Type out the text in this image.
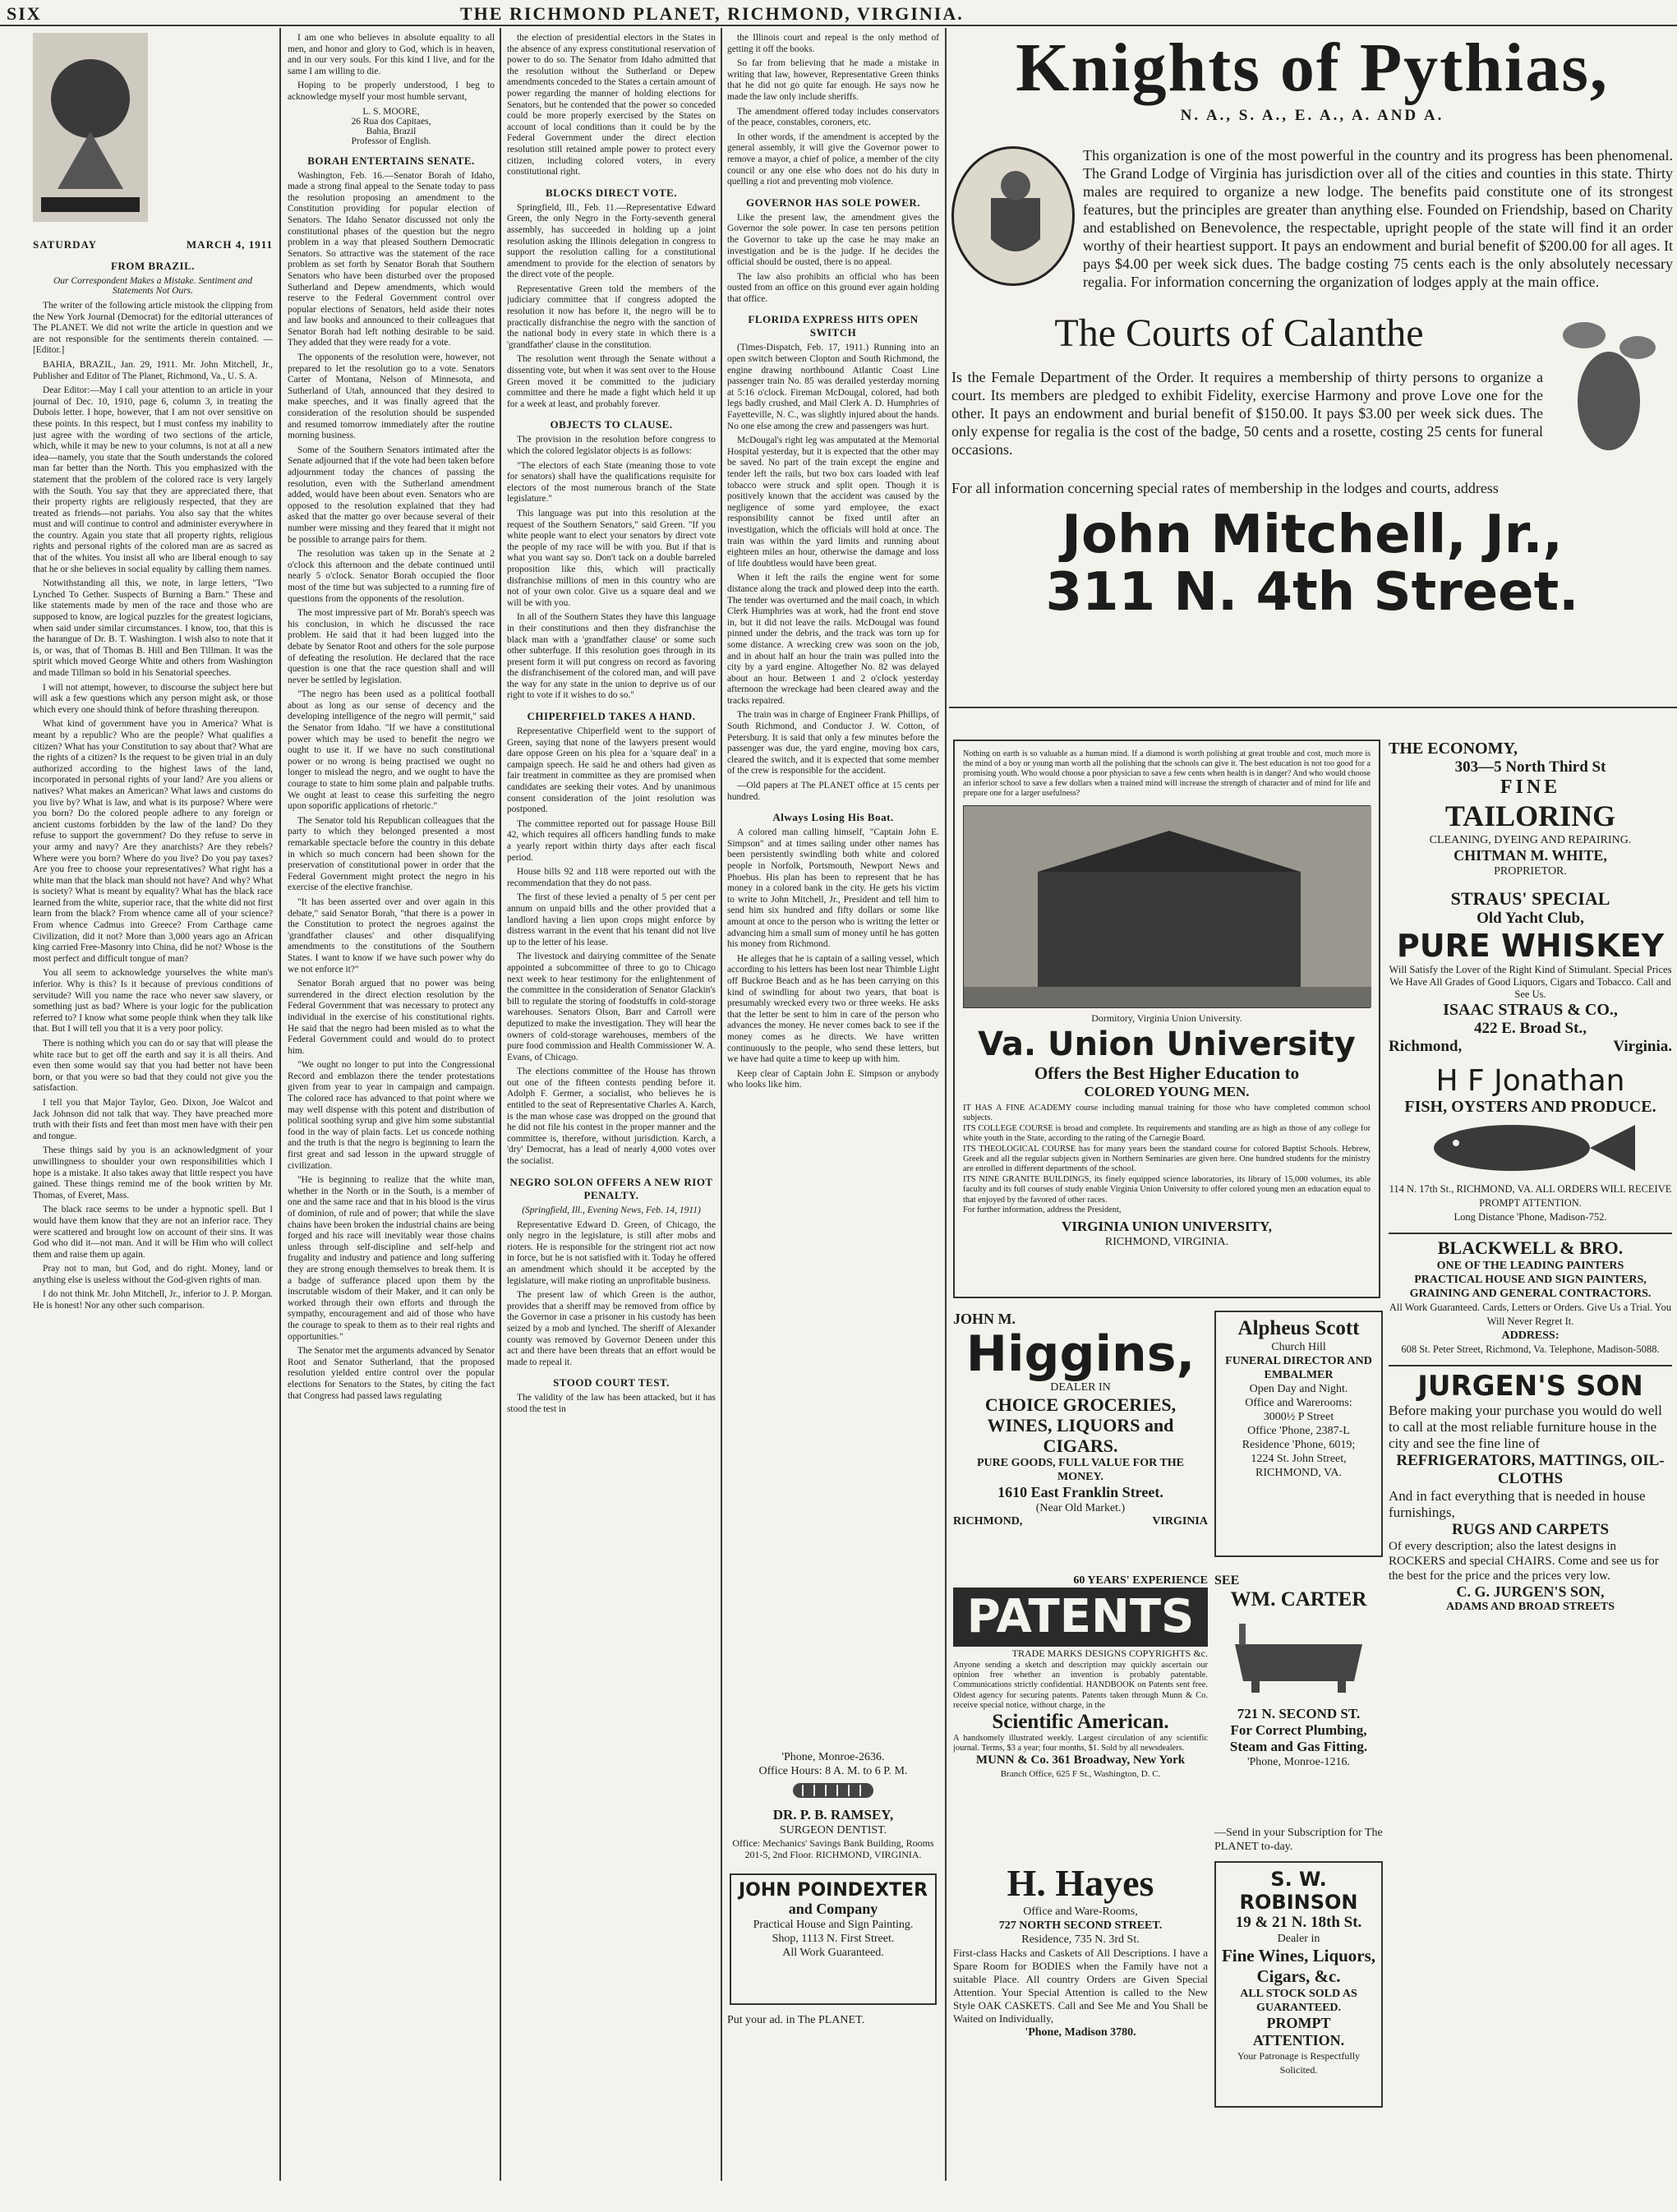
SIX	THE RICHMOND PLANET, RICHMOND, VIRGINIA.
SATURDAY	MARCH 4, 1911
FROM BRAZIL.
Our Correspondent Makes a Mistake. Sentiment and Statements Not Ours.

The writer of the following article mistook the clipping from the New York Journal (Democrat) for the editorial utterances of The PLANET. We did not write the article in question and we are not responsible for the sentiments therein contained. —[Editor.]

BAHIA, BRAZIL, Jan. 29, 1911. Mr. John Mitchell, Jr., Publisher and Editor of The Planet, Richmond, Va., U. S. A.

Dear Editor:—May I call your attention to an article in your journal of Dec. 10, 1910, page 6, column 3, in treating the Dubois letter. I hope, however, that I am not over sensitive on these points. In this respect, but I must confess my inability to just agree with the wording of two sections of the article, which, while it may be new to your columns, is not at all a new idea—namely, you state that the South understands the colored man far better than the North. This you emphasized with the statement that the problem of the colored race is very largely with the South. You say that they are appreciated there, that their property rights are religiously respected, that they are treated as friends—not pariahs. You also say that the whites must and will continue to control and administer everywhere in the country. Again you state that all property rights, religious rights and personal rights of the colored man are as sacred as that of the whites. You insist all who are liberal enough to say that he or she believes in social equality by calling them names.

Notwithstanding all this, we note, in large letters, "Two Lynched To Gether. Suspects of Burning a Barn." These and like statements made by men of the race and those who are supposed to know, are logical puzzles for the greatest logicians, when said under similar circumstances. I know, too, that this is the harangue of Dr. B. T. Washington. I wish also to note that it is, or was, that of Thomas B. Hill and Ben Tillman. It was the spirit which moved George White and others from Washington and made Tillman so bold in his Senatorial speeches.

I will not attempt, however, to discourse the subject here but will ask a few questions which any person might ask, or those which every one should think of before thrashing thereupon.

What kind of government have you in America? What is meant by a republic? Who are the people? What qualifies a citizen? What has your Constitution to say about that? What are the rights of a citizen? Is the request to be given trial in an duly authorized according to the highest laws of the land, incorporated in personal rights of your land? Are you aliens or natives? What makes an American? What laws and customs do you live by? What is law, and what is its purpose? Where were you born? Do the colored people adhere to any foreign or ancient customs forbidden by the law of the land? Do they refuse to support the government? Do they refuse to serve in your army and navy? Are they anarchists? Are they rebels? Where were you born? Where do you live? Do you pay taxes? Are you free to choose your representatives? What right has a white man that the black man should not have? And why? What is society? What is meant by equality? What has the black race learned from the white, superior race, that the white did not first learn from the black? From whence came all of your science? From whence Cadmus into Greece? From Carthage came Civilization, did it not? More than 3,000 years ago an African king carried Free-Masonry into China, did he not? Whose is the most perfect and difficult tongue of man?

You all seem to acknowledge yourselves the white man's inferior. Why is this? Is it because of previous conditions of servitude? Will you name the race who never saw slavery, or something just as bad? Where is your logic for the publication referred to? I know what some people think when they talk like that. But I will tell you that it is a very poor policy.

There is nothing which you can do or say that will please the white race but to get off the earth and say it is all theirs. And even then some would say that you had better not have been born, or that you were so bad that they could not give you the satisfaction.

I tell you that Major Taylor, Geo. Dixon, Joe Walcot and Jack Johnson did not talk that way. They have preached more truth with their fists and feet than most men have with their pen and tongue.

These things said by you is an acknowledgment of your unwillingness to shoulder your own responsibilities which I hope is a mistake. It also takes away that little respect you have gained. These things remind me of the book written by Mr. Thomas, of Everet, Mass.

The black race seems to be under a hypnotic spell. But I would have them know that they are not an inferior race. They were scattered and brought low on account of their sins. It was God who did it—not man. And it will be Him who will collect them and raise them up again.

Pray not to man, but God, and do right. Money, land or anything else is useless without the God-given rights of man.

I do not think Mr. John Mitchell, Jr., inferior to J. P. Morgan. He is honest! Nor any other such comparison.

I am one who believes in absolute equality to all men, and honor and glory to God, which is in heaven, and in our very souls. For this kind I live, and for the same I am willing to die.

Hoping to be properly understood, I beg to acknowledge myself your most humble servant,

L. S. MOORE,
26 Rua dos Capitaes,
Bahia, Brazil
Professor of English.
BORAH ENTERTAINS SENATE.

Washington, Feb. 16.—Senator Borah of Idaho, made a strong final appeal to the Senate today to pass the resolution proposing an amendment to the Constitution providing for popular election of Senators. The Idaho Senator discussed not only the constitutional phases of the question but the negro problem in a way that pleased Southern Democratic Senators. So attractive was the statement of the race problem as set forth by Senator Borah that Southern Senators who have been disturbed over the proposed Sutherland and Depew amendments, which would reserve to the Federal Government control over popular elections of Senators, held aside their notes and law books and announced to their colleagues that Senator Borah had left nothing desirable to be said. They added that they were ready for a vote.

The opponents of the resolution were, however, not prepared to let the resolution go to a vote. Senators Carter of Montana, Nelson of Minnesota, and Sutherland of Utah, announced that they desired to make speeches, and it was finally agreed that the consideration of the resolution should be suspended and resumed tomorrow immediately after the routine morning business.

Some of the Southern Senators intimated after the Senate adjourned that if the vote had been taken before adjournment today the chances of passing the resolution, even with the Sutherland amendment added, would have been about even. Senators who are opposed to the resolution explained that they had asked that the matter go over because several of their number were missing and they feared that it might not be possible to arrange pairs for them.

The resolution was taken up in the Senate at 2 o'clock this afternoon and the debate continued until nearly 5 o'clock. Senator Borah occupied the floor most of the time but was subjected to a running fire of questions from the opponents of the resolution.

The most impressive part of Mr. Borah's speech was his conclusion, in which he discussed the race problem. He said that it had been lugged into the debate by Senator Root and others for the sole purpose of defeating the resolution. He declared that the race question is one that the race question shall and will never be settled by legislation.

"The negro has been used as a political football about as long as our sense of decency and the developing intelligence of the negro will permit," said the Senator from Idaho. "If we have a constitutional power which may be used to benefit the negro we ought to use it. If we have no such constitutional power or no wrong is being practised we ought no longer to mislead the negro, and we ought to have the courage to state to him some plain and palpable truths. We ought at least to cease this surfeiting the negro upon soporific applications of rhetoric."

The Senator told his Republican colleagues that the party to which they belonged presented a most remarkable spectacle before the country in this debate in which so much concern had been shown for the preservation of constitutional power in order that the Federal Government might protect the negro in his exercise of the elective franchise.

"It has been asserted over and over again in this debate," said Senator Borah, "that there is a power in the Constitution to protect the negroes against the 'grandfather clauses' and other disqualifying amendments to the constitutions of the Southern States. I want to know if we have such power why do we not enforce it?"

Senator Borah argued that no power was being surrendered in the direct election resolution by the Federal Government that was necessary to protect any individual in the exercise of his constitutional rights. He said that the negro had been misled as to what the Federal Government could and would do to protect him.

"We ought no longer to put into the Congressional Record and emblazon there the tender protestations given from year to year in campaign and campaign. The colored race has advanced to that point where we may well dispense with this potent and distribution of political soothing syrup and give him some substantial food in the way of plain facts. Let us concede nothing and the truth is that the negro is beginning to learn the first great and sad lesson in the upward struggle of civilization.

"He is beginning to realize that the white man, whether in the North or in the South, is a member of one and the same race and that in his blood is the virus of dominion, of rule and of power; that while the slave chains have been broken the industrial chains are being forged and his race will inevitably wear those chains unless through self-discipline and self-help and frugality and industry and patience and long suffering they are strong enough themselves to break them. It is a badge of sufferance placed upon them by the inscrutable wisdom of their Maker, and it can only be worked through their own efforts and through the sympathy, encouragement and aid of those who have the courage to speak to them as to their real rights and opportunities."

The Senator met the arguments advanced by Senator Root and Senator Sutherland, that the proposed resolution yielded entire control over the popular elections for Senators to the States, by citing the fact that Congress had passed laws regulating

the election of presidential electors in the States in the absence of any express constitutional reservation of power to do so. The Senator from Idaho admitted that the resolution without the Sutherland or Depew amendments conceded to the States a certain amount of power regarding the manner of holding elections for Senators, but he contended that the power so conceded could be more properly exercised by the States on account of local conditions than it could be by the Federal Government under the direct election resolution still retained ample power to protect every citizen, including colored voters, in every constitutional right.

BLOCKS DIRECT VOTE.

Springfield, Ill., Feb. 11.—Representative Edward Green, the only Negro in the Forty-seventh general assembly, has succeeded in holding up a joint resolution asking the Illinois delegation in congress to support the resolution calling for a constitutional amendment to provide for the election of senators by the direct vote of the people.

Representative Green told the members of the judiciary committee that if congress adopted the resolution it now has before it, the negro will be to practically disfranchise the negro with the sanction of the national body in every state in which there is a 'grandfather' clause in the constitution.

The resolution went through the Senate without a dissenting vote, but when it was sent over to the House Green moved it be committed to the judiciary committee and there he made a fight which held it up for a week at least, and probably forever.

OBJECTS TO CLAUSE.

The provision in the resolution before congress to which the colored legislator objects is as follows:

"The electors of each State (meaning those to vote for senators) shall have the qualifications requisite for electors of the most numerous branch of the State legislature."

This language was put into this resolution at the request of the Southern Senators," said Green. "If you white people want to elect your senators by direct vote the people of my race will be with you. But if that is what you want say so. Don't tack on a double barreled proposition like this, which will practically disfranchise millions of men in this country who are not of your own color. Give us a square deal and we will be with you.

In all of the Southern States they have this language in their constitutions and then they disfranchise the black man with a 'grandfather clause' or some such other subterfuge. If this resolution goes through in its present form it will put congress on record as favoring the disfranchisement of the colored man, and will pave the way for any state in the union to deprive us of our right to vote if it wishes to do so."

CHIPERFIELD TAKES A HAND.

Representative Chiperfield went to the support of Green, saying that none of the lawyers present would dare oppose Green on his plea for a 'square deal' in a campaign speech. He said he and others had given as fair treatment in committee as they are promised when candidates are seeking their votes. And by unanimous consent consideration of the joint resolution was postponed.

The committee reported out for passage House Bill 42, which requires all officers handling funds to make a yearly report within thirty days after each fiscal period.

House bills 92 and 118 were reported out with the recommendation that they do not pass.

The first of these levied a penalty of 5 per cent per annum on unpaid bills and the other provided that a landlord having a lien upon crops might enforce by distress warrant in the event that his tenant did not live up to the letter of his lease.

The livestock and dairying committee of the Senate appointed a subcommittee of three to go to Chicago next week to hear testimony for the enlightenment of the committee in the consideration of Senator Glackin's bill to regulate the storing of foodstuffs in cold-storage warehouses. Senators Olson, Barr and Carroll were deputized to make the investigation. They will hear the owners of cold-storage warehouses, members of the pure food commission and Health Commissioner W. A. Evans, of Chicago.

The elections committee of the House has thrown out one of the fifteen contests pending before it. Adolph F. Germer, a socialist, who believes he is entitled to the seat of Representative Charles A. Karch, is the man whose case was dropped on the ground that he did not file his contest in the proper manner and the committee is, therefore, without jurisdiction. Karch, a 'dry' Democrat, has a lead of nearly 4,000 votes over the socialist.

NEGRO SOLON OFFERS A NEW RIOT PENALTY.
(Springfield, Ill., Evening News, Feb. 14, 1911)

Representative Edward D. Green, of Chicago, the only negro in the legislature, is still after mobs and rioters. He is responsible for the stringent riot act now in force, but he is not satisfied with it. Today he offered an amendment which should it be accepted by the legislature, will make rioting an unprofitable business.

The present law of which Green is the author, provides that a sheriff may be removed from office by the Governor in case a prisoner in his custody has been seized by a mob and lynched. The sheriff of Alexander county was removed by Governor Deneen under this act and there have been threats that an effort would be made to repeal it.

STOOD COURT TEST.

The validity of the law has been attacked, but it has stood the test in

the Illinois court and repeal is the only method of getting it off the books.

So far from believing that he made a mistake in writing that law, however, Representative Green thinks that he did not go quite far enough. He says now he made the law only include sheriffs.

The amendment offered today includes conservators of the peace, constables, coroners, etc.

In other words, if the amendment is accepted by the general assembly, it will give the Governor power to remove a mayor, a chief of police, a member of the city council or any one else who does not do his duty in quelling a riot and preventing mob violence.

GOVERNOR HAS SOLE POWER.

Like the present law, the amendment gives the Governor the sole power. In case ten persons petition the Governor to take up the case he may make an investigation and be is the judge. If he decides the official should be ousted, there is no appeal.

The law also prohibits an official who has been ousted from an office on this ground ever again holding that office.

FLORIDA EXPRESS HITS OPEN SWITCH

(Times-Dispatch, Feb. 17, 1911.) Running into an open switch between Clopton and South Richmond, the engine drawing northbound Atlantic Coast Line passenger train No. 85 was derailed yesterday morning at 5:16 o'clock. Fireman McDougal, colored, had both legs badly crushed, and Mail Clerk A. D. Humphries of Fayetteville, N. C., was slightly injured about the hands. No one else among the crew and passengers was hurt.

McDougal's right leg was amputated at the Memorial Hospital yesterday, but it is expected that the other may be saved. No part of the train except the engine and tender left the rails, but two box cars loaded with leaf tobacco were struck and split open. Though it is positively known that the accident was caused by the negligence of some yard employee, the exact responsibility cannot be fixed until after an investigation, which the officials will hold at once. The train was within the yard limits and running about eighteen miles an hour, otherwise the damage and loss of life doubtless would have been great.

When it left the rails the engine went for some distance along the track and plowed deep into the earth. The tender was overturned and the mail coach, in which Clerk Humphries was at work, had the front end stove in, but it did not leave the rails. McDougal was found pinned under the debris, and the track was torn up for some distance. A wrecking crew was soon on the job, and in about half an hour the train was pulled into the city by a yard engine. Altogether No. 82 was delayed about an hour. Between 1 and 2 o'clock yesterday afternoon the wreckage had been cleared away and the tracks repaired.

The train was in charge of Engineer Frank Phillips, of South Richmond, and Conductor J. W. Cotton, of Petersburg. It is said that only a few minutes before the passenger was due, the yard engine, moving box cars, cleared the switch, and it is expected that some member of the crew is responsible for the accident.

—Old papers at The PLANET office at 15 cents per hundred.

Always Losing His Boat.

A colored man calling himself, "Captain John E. Simpson" and at times sailing under other names has been persistently swindling both white and colored people in Norfolk, Portsmouth, Newport News and Phoebus. His plan has been to represent that he has money in a colored bank in the city. He gets his victim to write to John Mitchell, Jr., President and tell him to send him six hundred and fifty dollars or some like amount at once to the person who is writing the letter or advancing him a small sum of money until he has gotten his money from Richmond.

He alleges that he is captain of a sailing vessel, which according to his letters has been lost near Thimble Light off Buckroe Beach and as he has been carrying on this kind of swindling for about two years, that boat is presumably wrecked every two or three weeks. He asks that the letter be sent to him in care of the person who advances the money. He never comes back to see if the money comes as he directs. We have written continuously to the people, who send these letters, but we have had quite a time to keep up with him.

Keep clear of Captain John E. Simpson or anybody who looks like him.

'Phone, Monroe-2636.
Office Hours: 8 A. M. to 6 P. M.
DR. P. B. RAMSEY,
SURGEON DENTIST.
Office: Mechanics' Savings Bank Building, Rooms 201-5, 2nd Floor. RICHMOND, VIRGINIA.
JOHN POINDEXTER
and Company
Practical House and Sign Painting.
Shop, 1113 N. First Street.
All Work Guaranteed.
Put your ad. in The PLANET.
Knights of Pythias,
N. A., S. A., E. A., A. AND A.
This organization is one of the most powerful in the country and its progress has been phenomenal. The Grand Lodge of Virginia has jurisdiction over all of the cities and counties in this state. Thirty males are required to organize a new lodge. The benefits paid constitute one of its strongest features, but the principles are greater than anything else. Founded on Friendship, based on Charity and established on Benevolence, the respectable, upright people of the state will find it an order worthy of their heartiest support. It pays an endowment and burial benefit of $200.00 for all ages. It pays $4.00 per week sick dues. The badge costing 75 cents each is the only absolutely necessary regalia. For information concerning the organization of lodges apply at the main office.
The Courts of Calanthe
Is the Female Department of the Order. It requires a membership of thirty persons to organize a court. Its members are pledged to exhibit Fidelity, exercise Harmony and prove Love one for the other. It pays an endowment and burial benefit of $150.00. It pays $3.00 per week sick dues. The only expense for regalia is the cost of the badge, 50 cents and a rosette, costing 25 cents for funeral occasions.
For all information concerning special rates of membership in the lodges and courts, address
John Mitchell, Jr.,
311 N. 4th Street.
Nothing on earth is so valuable as a human mind. If a diamond is worth polishing at great trouble and cost, much more is the mind of a boy or young man worth all the polishing that the schools can give it. The best education is not too good for a promising youth. Who would choose a poor physician to save a few cents when health is in danger? And who would choose an inferior school to save a few dollars when a trained mind will increase the strength of character and of mind for life and prepare one for a larger usefulness?
Dormitory, Virginia Union University.
Va. Union University
Offers the Best Higher Education to
COLORED YOUNG MEN.
IT HAS A FINE ACADEMY course including manual training for those who have completed common school subjects.
ITS COLLEGE COURSE is broad and complete. Its requirements and standing are as high as those of any college for white youth in the State, according to the rating of the Carnegie Board.
ITS THEOLOGICAL COURSE has for many years been the standard course for colored Baptist Schools. Hebrew, Greek and all the regular subjects given in Northern Seminaries are given here. One hundred students for the ministry are enrolled in different departments of the school.
ITS NINE GRANITE BUILDINGS, its finely equipped science laboratories, its library of 15,000 volumes, its able faculty and its full courses of study enable Virginia Union University to offer colored young men an education equal to that enjoyed by the favored of other races.
For further information, address the President,
VIRGINIA UNION UNIVERSITY,
RICHMOND, VIRGINIA.
THE ECONOMY,
303—5 North Third St
FINE
TAILORING
CLEANING, DYEING AND REPAIRING.
CHITMAN M. WHITE,
PROPRIETOR.
STRAUS' SPECIAL
Old Yacht Club,
PURE WHISKEY
Will Satisfy the Lover of the Right Kind of Stimulant. Special Prices We Have All Grades of Good Liquors, Cigars and Tobacco. Call and See Us.
ISAAC STRAUS & CO.,
422 E. Broad St.,
Richmond,	Virginia.
H F Jonathan
FISH, OYSTERS AND PRODUCE.
114 N. 17th St., RICHMOND, VA. ALL ORDERS WILL RECEIVE PROMPT ATTENTION.
Long Distance 'Phone, Madison-752.
BLACKWELL & BRO.
ONE OF THE LEADING PAINTERS
PRACTICAL HOUSE AND SIGN PAINTERS, GRAINING AND GENERAL CONTRACTORS.
All Work Guaranteed. Cards, Letters or Orders. Give Us a Trial. You Will Never Regret It.
ADDRESS:
608 St. Peter Street, Richmond, Va. Telephone, Madison-5088.
JURGEN'S SON
Before making your purchase you would do well to call at the most reliable furniture house in the city and see the fine line of
REFRIGERATORS, MATTINGS, OIL-CLOTHS
And in fact everything that is needed in house furnishings,
RUGS AND CARPETS
Of every description; also the latest designs in ROCKERS and special CHAIRS. Come and see us for the best for the price and the prices very low.
C. G. JURGEN'S SON,
ADAMS AND BROAD STREETS
JOHN M.
Higgins,
DEALER IN
CHOICE GROCERIES, WINES, LIQUORS and CIGARS.
PURE GOODS, FULL VALUE FOR THE MONEY.
1610 East Franklin Street.
(Near Old Market.)
RICHMOND,	VIRGINIA
Alpheus Scott
Church Hill
FUNERAL DIRECTOR AND EMBALMER
Open Day and Night.
Office and Warerooms:
3000½ P Street
Office 'Phone, 2387-L
Residence 'Phone, 6019;
1224 St. John Street,
RICHMOND, VA.
60 YEARS' EXPERIENCE
PATENTS
TRADE MARKS DESIGNS COPYRIGHTS &c.
Anyone sending a sketch and description may quickly ascertain our opinion free whether an invention is probably patentable. Communications strictly confidential. HANDBOOK on Patents sent free. Oldest agency for securing patents. Patents taken through Munn & Co. receive special notice, without charge, in the
Scientific American.
A handsomely illustrated weekly. Largest circulation of any scientific journal. Terms, $3 a year; four months, $1. Sold by all newsdealers.
MUNN & Co. 361 Broadway, New York
Branch Office, 625 F St., Washington, D. C.
SEE
WM. CARTER
721 N. SECOND ST.
For Correct Plumbing,
Steam and Gas Fitting.
'Phone, Monroe-1216.
—Send in your Subscription for The PLANET to-day.
H. Hayes
Office and Ware-Rooms,
727 NORTH SECOND STREET.
Residence, 735 N. 3rd St.
First-class Hacks and Caskets of All Descriptions. I have a Spare Room for BODIES when the Family have not a suitable Place. All country Orders are Given Special Attention. Your Special Attention is called to the New Style OAK CASKETS. Call and See Me and You Shall be Waited on Individually,
'Phone, Madison 3780.
S. W. ROBINSON
19 & 21 N. 18th St.
Dealer in
Fine Wines, Liquors, Cigars, &c.
ALL STOCK SOLD AS GUARANTEED.
PROMPT ATTENTION.
Your Patronage is Respectfully Solicited.
